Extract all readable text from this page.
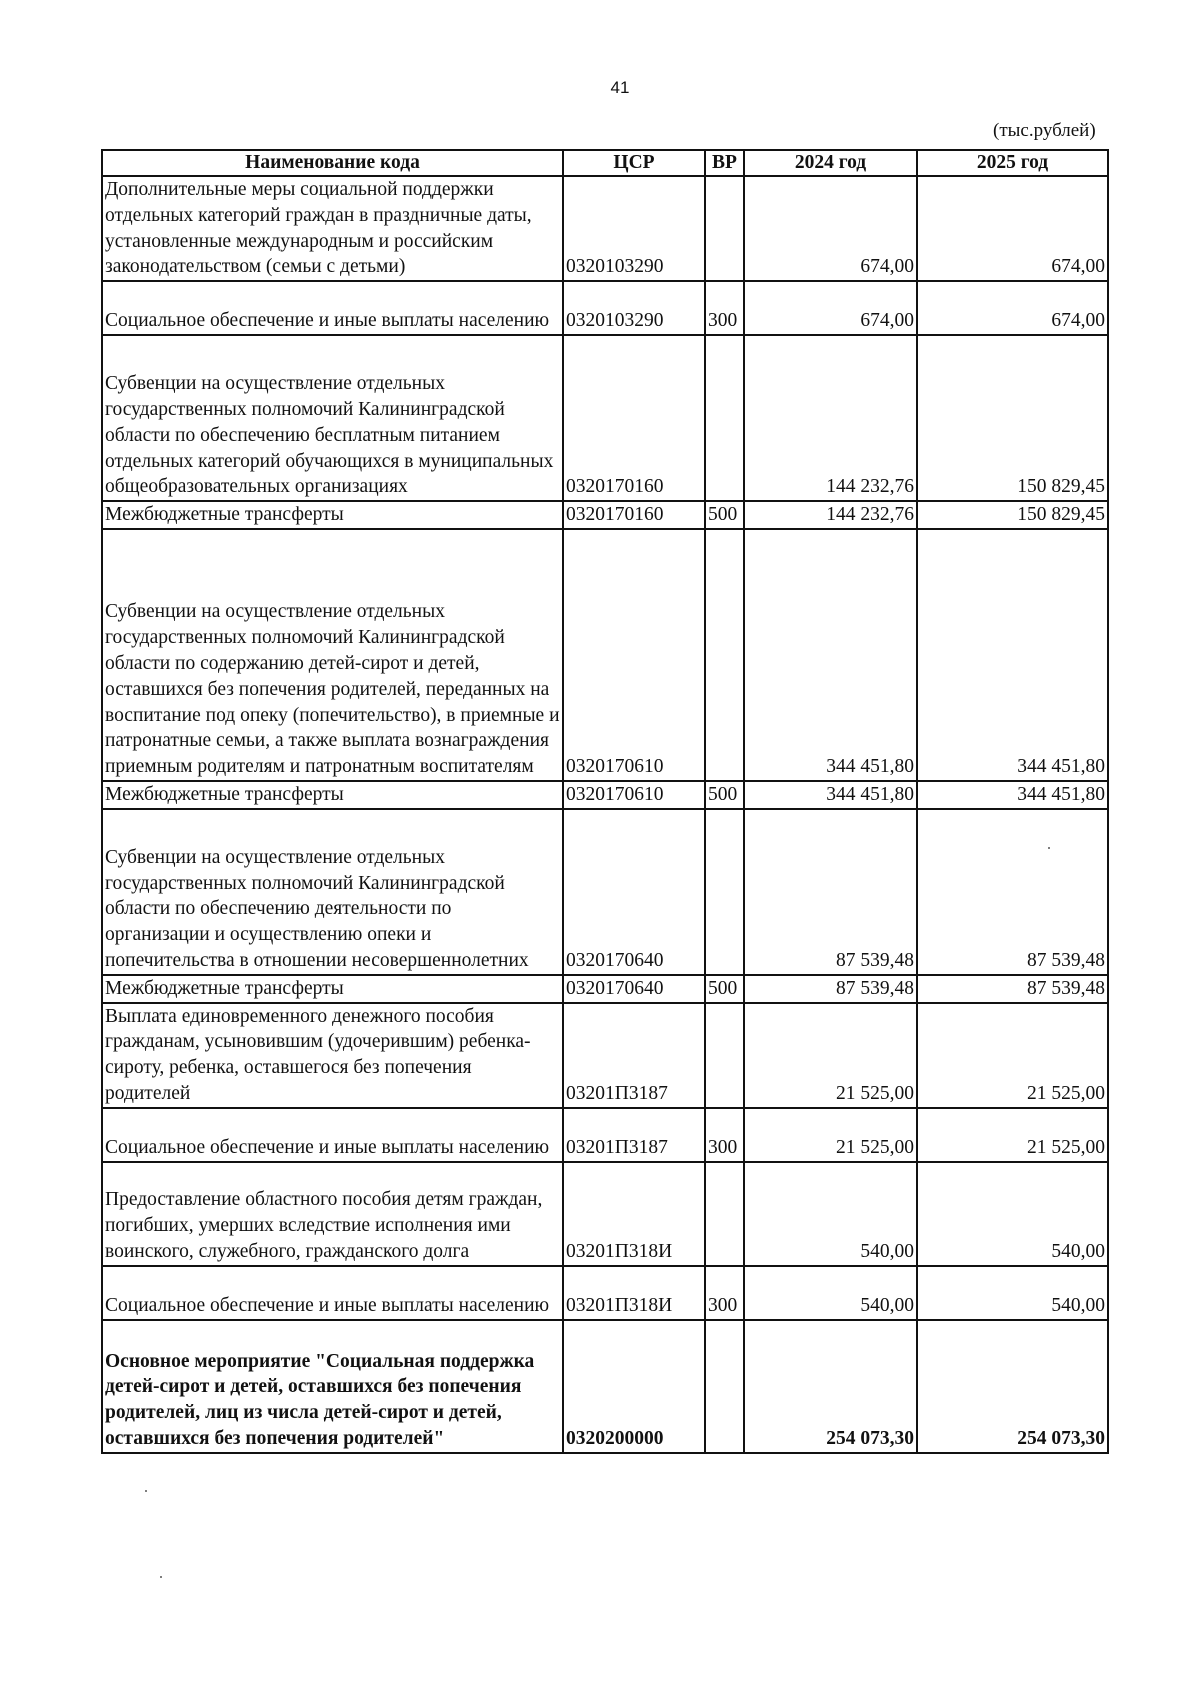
41
(тыс.рублей)
Наименование кода	ЦСР	ВР	2024 год	2025 год
Дополнительные меры социальной поддержки отдельных категорий граждан в праздничные даты, установленные международным и российским законодательством (семьи с детьми)	0320103290		674,00	674,00
Социальное обеспечение и иные выплаты населению	0320103290	300	674,00	674,00
Субвенции на осуществление отдельных государственных полномочий Калининградской области по обеспечению бесплатным питанием отдельных категорий обучающихся в муниципальных общеобразовательных организациях	0320170160		144 232,76	150 829,45
Межбюджетные трансферты	0320170160	500	144 232,76	150 829,45
Субвенции на осуществление отдельных государственных полномочий Калининградской области по содержанию детей-сирот и детей, оставшихся без попечения родителей, переданных на воспитание под опеку (попечительство), в приемные и патронатные семьи, а также выплата вознаграждения приемным родителям и патронатным воспитателям	0320170610		344 451,80	344 451,80
Межбюджетные трансферты	0320170610	500	344 451,80	344 451,80
Субвенции на осуществление отдельных государственных полномочий Калининградской области по обеспечению деятельности по организации и осуществлению опеки и попечительства в отношении несовершеннолетних	0320170640		87 539,48	87 539,48
Межбюджетные трансферты	0320170640	500	87 539,48	87 539,48
Выплата единовременного денежного пособия гражданам, усыновившим (удочерившим) ребенка-сироту, ребенка, оставшегося без попечения родителей	03201П3187		21 525,00	21 525,00
Социальное обеспечение и иные выплаты населению	03201П3187	300	21 525,00	21 525,00
Предоставление областного пособия детям граждан, погибших, умерших вследствие исполнения ими воинского, служебного, гражданского долга	03201П318И		540,00	540,00
Социальное обеспечение и иные выплаты населению	03201П318И	300	540,00	540,00
Основное мероприятие "Социальная поддержка детей-сирот и детей, оставшихся без попечения родителей, лиц из числа детей-сирот и детей, оставшихся без попечения родителей"	0320200000		254 073,30	254 073,30
